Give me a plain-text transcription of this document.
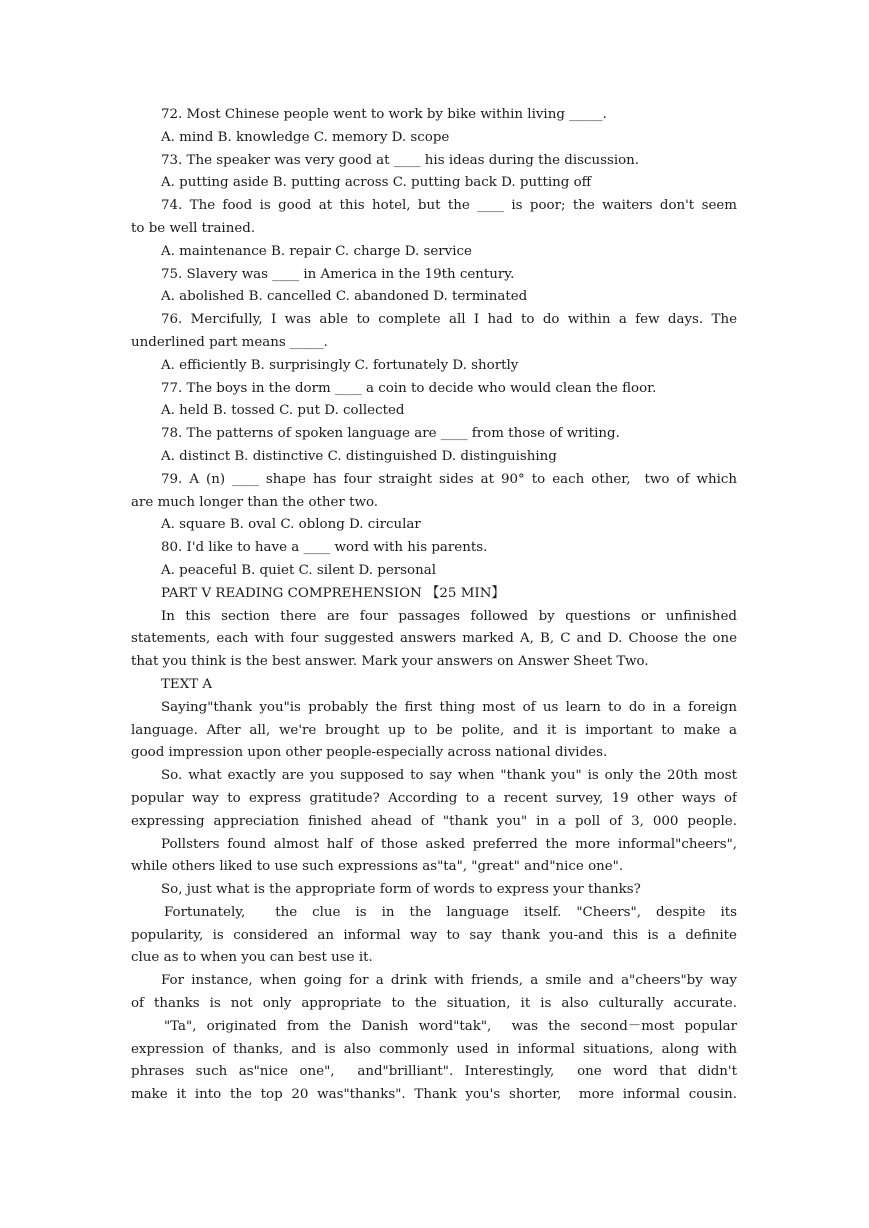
72. Most Chinese people went to work by bike within living _____.
A. mind B. knowledge C. memory D. scope
73. The speaker was very good at ____ his ideas during the discussion.
A. putting aside B. putting across C. putting back D. putting off
74. The food is good at this hotel, but the ____ is poor; the waiters don't seem
to be well trained.
A. maintenance B. repair C. charge D. service
75. Slavery was ____ in America in the 19th century.
A. abolished B. cancelled C. abandoned D. terminated
76. Mercifully, I was able to complete all I had to do within a few days. The
underlined part means _____.
A. efficiently B. surprisingly C. fortunately D. shortly
77. The boys in the dorm ____ a coin to decide who would clean the floor.
A. held B. tossed C. put D. collected
78. The patterns of spoken language are ____ from those of writing.
A. distinct B. distinctive C. distinguished D. distinguishing
79. A (n) ____ shape has four straight sides at 90° to each other,  two of which
are much longer than the other two.
A. square B. oval C. oblong D. circular
80. I'd like to have a ____ word with his parents.
A. peaceful B. quiet C. silent D. personal
PART V READING COMPREHENSION 【25 MIN】
In this section there are four passages followed by questions or unfinished
statements, each with four suggested answers marked A, B, C and D. Choose the one
that you think is the best answer. Mark your answers on Answer Sheet Two.
TEXT A
Saying"thank you"is probably the first thing most of us learn to do in a foreign
language. After all, we're brought up to be polite, and it is important to make a
good impression upon other people-especially across national divides.
So. what exactly are you supposed to say when "thank you" is only the 20th most
popular way to express gratitude? According to a recent survey, 19 other ways of
expressing appreciation finished ahead of "thank you" in a poll of 3, 000 people.
Pollsters found almost half of those asked preferred the more informal"cheers",
while others liked to use such expressions as"ta", "great" and"nice one".
So, just what is the appropriate form of words to express your thanks?
Fortunately,  the clue is in the language itself. "Cheers", despite its
popularity, is considered an informal way to say thank you-and this is a definite
clue as to when you can best use it.
For instance, when going for a drink with friends, a smile and a"cheers"by way
of thanks is not only appropriate to the situation, it is also culturally accurate.
"Ta", originated from the Danish word"tak",  was the second－most popular
expression of thanks, and is also commonly used in informal situations, along with
phrases such as"nice one",  and"brilliant". Interestingly,  one word that didn't
make it into the top 20 was"thanks". Thank you's shorter,  more informal cousin.
